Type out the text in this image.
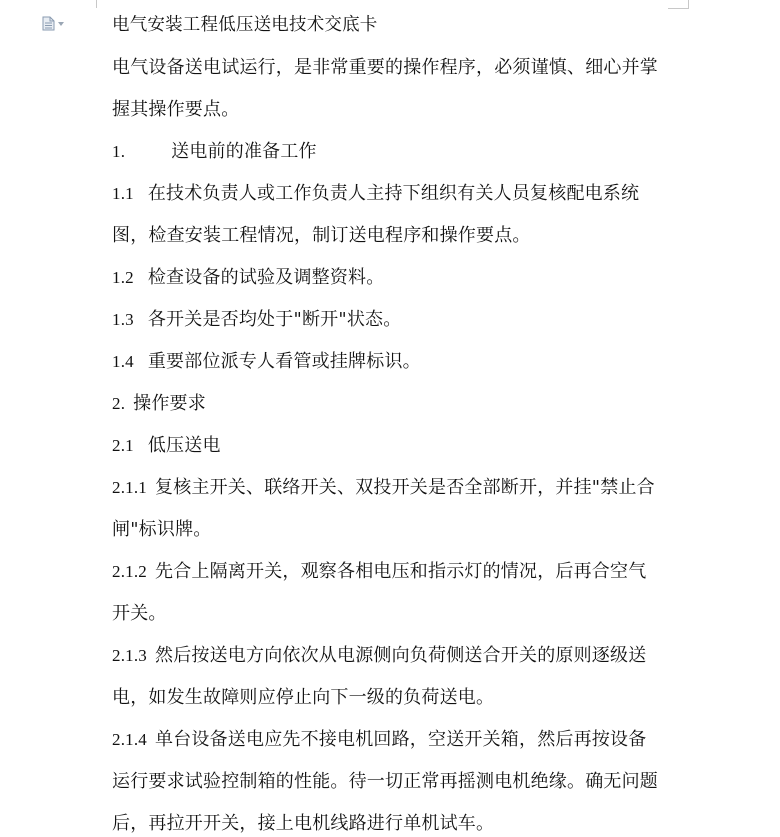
电气安装工程低压送电技术交底卡
电气设备送电试运行，是非常重要的操作程序，必须谨慎、细心并掌
握其操作要点。
1.	送电前的准备工作
1.1 在技术负责人或工作负责人主持下组织有关人员复核配电系统
图，检查安装工程情况，制订送电程序和操作要点。
1.2 检查设备的试验及调整资料。
1.3 各开关是否均处于"断开"状态。
1.4 重要部位派专人看管或挂牌标识。
2. 操作要求
2.1 低压送电
2.1.1 复核主开关、联络开关、双投开关是否全部断开，并挂"禁止合
闸"标识牌。
2.1.2 先合上隔离开关，观察各相电压和指示灯的情况，后再合空气
开关。
2.1.3 然后按送电方向依次从电源侧向负荷侧送合开关的原则逐级送
电，如发生故障则应停止向下一级的负荷送电。
2.1.4 单台设备送电应先不接电机回路，空送开关箱，然后再按设备
运行要求试验控制箱的性能。待一切正常再摇测电机绝缘。确无问题
后，再拉开开关，接上电机线路进行单机试车。
